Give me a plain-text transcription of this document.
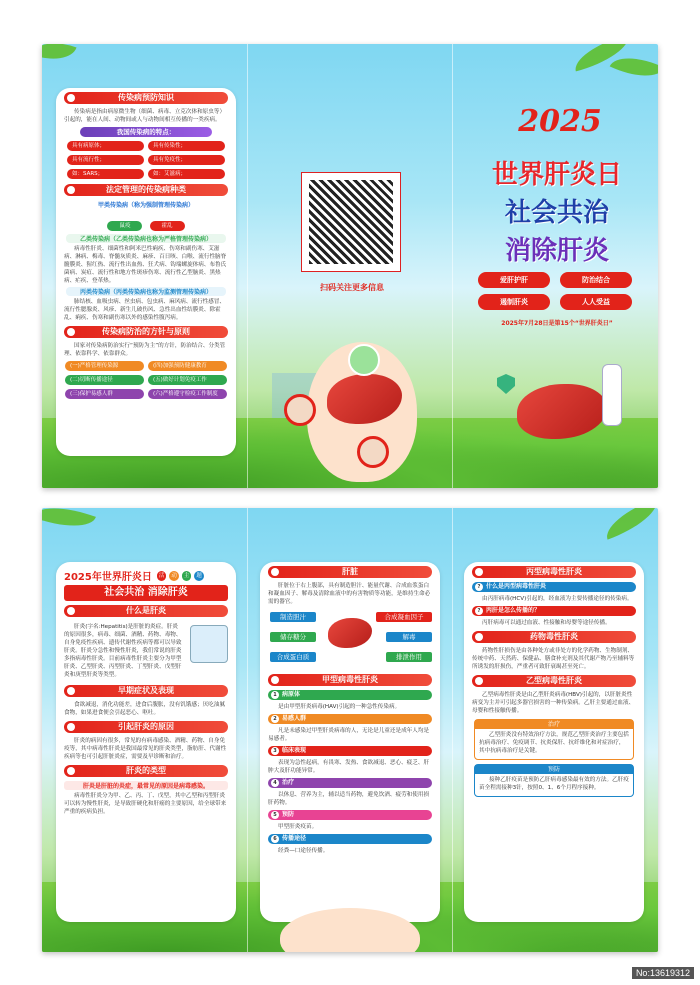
传染病预防知识
传染病是指由病原微生物（细菌、病毒、立克次体和原虫等）引起的，能在人间、动物间或人与动物间相互传播的一类疾病。
我国传染病的特点：
具有病原体；	具有传染性；
具有流行性；	具有免疫性；
如：SARS；	如：艾滋病；
法定管理的传染病种类
甲类传染病（称为强制管理传染病）
鼠疫	霍乱
乙类传染病（乙类传染病也称为严格管理传染病）
病毒性肝炎、细菌性和阿米巴性痢疾、伤寒和副伤寒、艾滋病、淋病、梅毒、脊髓灰质炎、麻疹、百日咳、白喉、流行性脑脊髓膜炎、猩红热、流行性出血热、狂犬病、钩端螺旋体病、布鲁氏菌病、炭疽、流行性和地方性斑疹伤寒、流行性乙型脑炎、黑热病、疟疾、登革热。
丙类传染病（丙类传染病也称为监测管理传染病）
肺结核、血吸虫病、丝虫病、包虫病、麻风病、流行性感冒、流行性腮腺炎、风疹、新生儿破伤风、急性出血性结膜炎、除霍乱、痢疾、伤寒和副伤寒以外的感染性腹泻病。
传染病防治的方针与原则
国家对传染病防治实行“预防为主”的方针，防治结合、分类管理、依靠科学、依靠群众。
(一)严格管理传染源	(四)加强预防健康教育
(二)切断传播途径	(五)做好计划免疫工作
(三)保护易感人群	(六)严格遵守检疫工作制度
扫码关注更多信息
2025
世界肝炎日
社会共治
消除肝炎
爱肝护肝	防治结合
遏制肝炎	人人受益
2025年7月28日是第15个“世界肝炎日”
2025年世界肝炎日	活	动	主	题
社会共治 消除肝炎
什么是肝炎
肝炎(字名:Hepatitis)是肝脏的炎症。肝炎的原因很多，病毒、细菌、酒精、药物、毒物、自身免疫性疾病、遗传代谢性疾病等都可以导致肝炎。肝炎分急性和慢性肝炎，我们常说的肝炎多指病毒性肝炎。目前病毒性肝炎主要分为甲型肝炎、乙型肝炎、丙型肝炎、丁型肝炎、戊型肝炎和庚型肝炎等类型。
早期症状及表现
食欲减退，消化功能差，进食后腹胀，没有饥饿感；厌吃油腻食物，如果进食便会引起恶心、呕吐。
引起肝炎的原因
肝炎的病因有很多，常见的有病毒感染、酒精、药物、自身免疫等，其中病毒性肝炎是我国最常见的肝炎类型，脂肪肝、代谢性疾病等也可引起肝脏炎症，需要及早诊断和治疗。
肝炎的类型
肝炎是肝脏的炎症，最常见的原因是病毒感染。
病毒性肝炎分为甲、乙、丙、丁、戊型，其中乙型和丙型肝炎可以转为慢性肝炎，是导致肝硬化和肝癌的主要原因，给全球带来严重的疾病负担。
肝脏
肝脏位于右上腹部，具有制造胆汁、能量代谢、合成血浆蛋白和凝血因子、解毒及清除血液中的有害物质等功能，是维持生命必需的器官。
制造胆汁	合成凝血因子
储存糖分	解毒
合成蛋白质	排泄作用
甲型病毒性肝炎
1 病原体
是由甲型肝炎病毒(HAV)引起的一种急性传染病。
2 易感人群
凡是未感染过甲型肝炎病毒的人，无论是儿童还是成年人均是易感者。
3 临床表现
表现为急性起病，有畏寒、发热、食欲减退、恶心、疲乏、肝肿大及肝功能异常。
4 治疗
以休息、营养为主，辅以适当药物，避免饮酒、疲劳和使用损肝药物。
5 预防
甲型肝炎疫苗。
6 传播途径
经粪—口途径传播。
丙型病毒性肝炎
? 什么是丙型病毒性肝炎
由丙肝病毒(HCV)引起的，经血液为主要传播途径的传染病。
? 丙肝是怎么传播的？
丙肝病毒可以通过血液、性接触和母婴等途径传播。
药物毒性肝炎
药物性肝损伤是由各种处方或非处方的化学药物、生物制剂、传统中药、天然药、保健品、膳食补充剂及其代谢产物乃至辅料等所诱发的肝损伤，严重者可致肝衰竭甚至死亡。
乙型病毒性肝炎
乙型病毒性肝炎是由乙型肝炎病毒(HBV)引起的，以肝脏炎性病变为主并可引起多器官损害的一种传染病。乙肝主要通过血液、母婴和性接触传播。
治疗
乙型肝炎没有特效治疗方法，规范乙型肝炎治疗主要包括抗病毒治疗、免疫调节、抗炎保肝、抗纤维化和对症治疗，其中抗病毒治疗是关键。
预防
接种乙肝疫苗是预防乙肝病毒感染最有效的方法。乙肝疫苗全程需接种3针，按照0、1、6个月程序接种。
No:13619312
